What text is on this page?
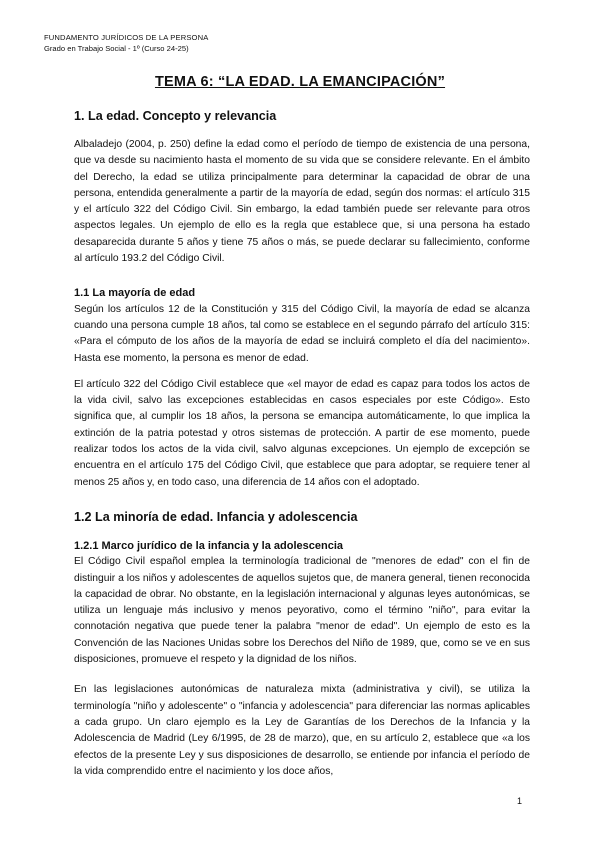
FUNDAMENTO JURÍDICOS DE LA PERSONA
Grado en Trabajo Social - 1º (Curso 24-25)
TEMA 6: “LA EDAD. LA EMANCIPACIÓN”
1. La edad. Concepto y relevancia

Albaladejo (2004, p. 250) define la edad como el período de tiempo de existencia de una persona, que va desde su nacimiento hasta el momento de su vida que se considere relevante. En el ámbito del Derecho, la edad se utiliza principalmente para determinar la capacidad de obrar de una persona, entendida generalmente a partir de la mayoría de edad, según dos normas: el artículo 315 y el artículo 322 del Código Civil. Sin embargo, la edad también puede ser relevante para otros aspectos legales. Un ejemplo de ello es la regla que establece que, si una persona ha estado desaparecida durante 5 años y tiene 75 años o más, se puede declarar su fallecimiento, conforme al artículo 193.2 del Código Civil.

1.1 La mayoría de edad

Según los artículos 12 de la Constitución y 315 del Código Civil, la mayoría de edad se alcanza cuando una persona cumple 18 años, tal como se establece en el segundo párrafo del artículo 315: «Para el cómputo de los años de la mayoría de edad se incluirá completo el día del nacimiento». Hasta ese momento, la persona es menor de edad.

El artículo 322 del Código Civil establece que «el mayor de edad es capaz para todos los actos de la vida civil, salvo las excepciones establecidas en casos especiales por este Código». Esto significa que, al cumplir los 18 años, la persona se emancipa automáticamente, lo que implica la extinción de la patria potestad y otros sistemas de protección. A partir de ese momento, puede realizar todos los actos de la vida civil, salvo algunas excepciones. Un ejemplo de excepción se encuentra en el artículo 175 del Código Civil, que establece que para adoptar, se requiere tener al menos 25 años y, en todo caso, una diferencia de 14 años con el adoptado.

1.2 La minoría de edad. Infancia y adolescencia
1.2.1 Marco jurídico de la infancia y la adolescencia

El Código Civil español emplea la terminología tradicional de "menores de edad" con el fin de distinguir a los niños y adolescentes de aquellos sujetos que, de manera general, tienen reconocida la capacidad de obrar. No obstante, en la legislación internacional y algunas leyes autonómicas, se utiliza un lenguaje más inclusivo y menos peyorativo, como el término "niño", para evitar la connotación negativa que puede tener la palabra "menor de edad". Un ejemplo de esto es la Convención de las Naciones Unidas sobre los Derechos del Niño de 1989, que, como se ve en sus disposiciones, promueve el respeto y la dignidad de los niños.

En las legislaciones autonómicas de naturaleza mixta (administrativa y civil), se utiliza la terminología "niño y adolescente" o "infancia y adolescencia" para diferenciar las normas aplicables a cada grupo. Un claro ejemplo es la Ley de Garantías de los Derechos de la Infancia y la Adolescencia de Madrid (Ley 6/1995, de 28 de marzo), que, en su artículo 2, establece que «a los efectos de la presente Ley y sus disposiciones de desarrollo, se entiende por infancia el período de la vida comprendido entre el nacimiento y los doce años,

1
